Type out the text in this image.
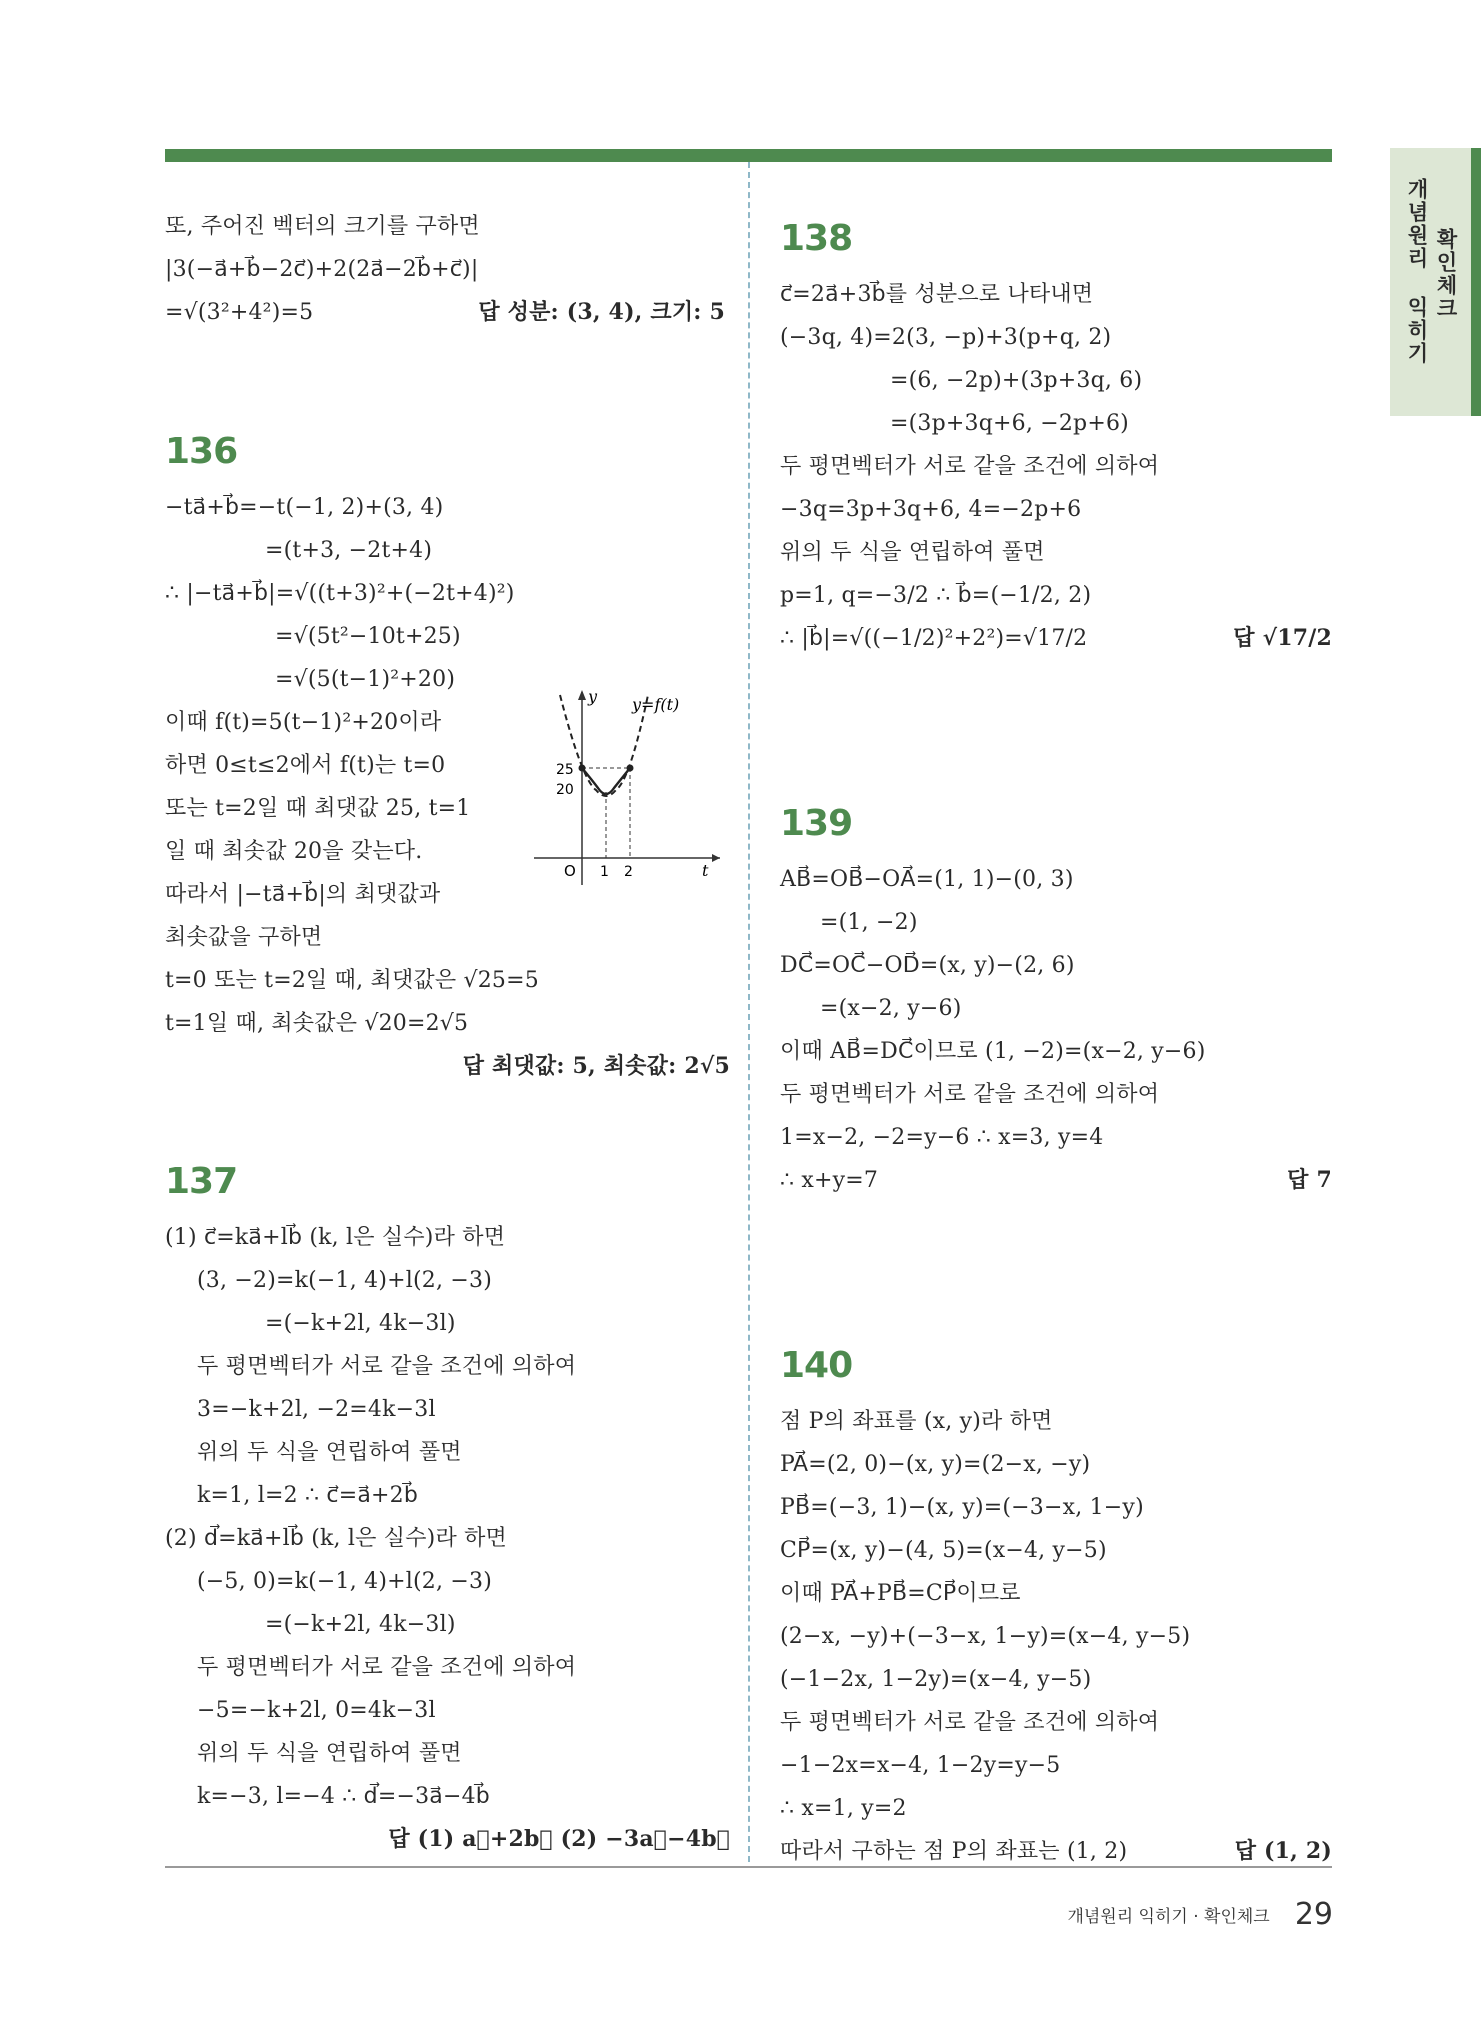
개념원리 익히기 확인체크
또, 주어진 벡터의 크기를 구하면
|3(−a⃗+b⃗−2c⃗)+2(2a⃗−2b⃗+c⃗)|
=√(3²+4²)=5	답 성분: (3, 4), 크기: 5
136
−ta⃗+b⃗=−t(−1, 2)+(3, 4)
=(t+3, −2t+4)
∴ |−ta⃗+b⃗|=√((t+3)²+(−2t+4)²)
=√(5t²−10t+25)
=√(5(t−1)²+20)
이때 f(t)=5(t−1)²+20이라
하면 0≤t≤2에서 f(t)는 t=0
또는 t=2일 때 최댓값 25, t=1
일 때 최솟값 20을 갖는다.
따라서 |−ta⃗+b⃗|의 최댓값과
최솟값을 구하면
t=0 또는 t=2일 때, 최댓값은 √25=5
t=1일 때, 최솟값은 √20=2√5
답 최댓값: 5, 최솟값: 2√5
137
(1) c⃗=ka⃗+lb⃗ (k, l은 실수)라 하면
(3, −2)=k(−1, 4)+l(2, −3)
=(−k+2l, 4k−3l)
두 평면벡터가 서로 같을 조건에 의하여
3=−k+2l, −2=4k−3l
위의 두 식을 연립하여 풀면
k=1, l=2 ∴ c⃗=a⃗+2b⃗
(2) d⃗=ka⃗+lb⃗ (k, l은 실수)라 하면
(−5, 0)=k(−1, 4)+l(2, −3)
=(−k+2l, 4k−3l)
두 평면벡터가 서로 같을 조건에 의하여
−5=−k+2l, 0=4k−3l
위의 두 식을 연립하여 풀면
k=−3, l=−4 ∴ d⃗=−3a⃗−4b⃗
답 (1) a⃗+2b⃗ (2) −3a⃗−4b⃗
y y=f(t)
t
O 1 2
25
20
138
c⃗=2a⃗+3b⃗를 성분으로 나타내면
(−3q, 4)=2(3, −p)+3(p+q, 2)
=(6, −2p)+(3p+3q, 6)
=(3p+3q+6, −2p+6)
두 평면벡터가 서로 같을 조건에 의하여
−3q=3p+3q+6, 4=−2p+6
위의 두 식을 연립하여 풀면
p=1, q=−3/2 ∴ b⃗=(−1/2, 2)
∴ |b⃗|=√((−1/2)²+2²)=√17/2	답 √17/2
139
AB⃗=OB⃗−OA⃗=(1, 1)−(0, 3)
=(1, −2)
DC⃗=OC⃗−OD⃗=(x, y)−(2, 6)
=(x−2, y−6)
이때 AB⃗=DC⃗이므로 (1, −2)=(x−2, y−6)
두 평면벡터가 서로 같을 조건에 의하여
1=x−2, −2=y−6 ∴ x=3, y=4
∴ x+y=7	답 7
140
점 P의 좌표를 (x, y)라 하면
PA⃗=(2, 0)−(x, y)=(2−x, −y)
PB⃗=(−3, 1)−(x, y)=(−3−x, 1−y)
CP⃗=(x, y)−(4, 5)=(x−4, y−5)
이때 PA⃗+PB⃗=CP⃗이므로
(2−x, −y)+(−3−x, 1−y)=(x−4, y−5)
(−1−2x, 1−2y)=(x−4, y−5)
두 평면벡터가 서로 같을 조건에 의하여
−1−2x=x−4, 1−2y=y−5
∴ x=1, y=2
따라서 구하는 점 P의 좌표는 (1, 2)	답 (1, 2)
개념원리 익히기 · 확인체크 29
